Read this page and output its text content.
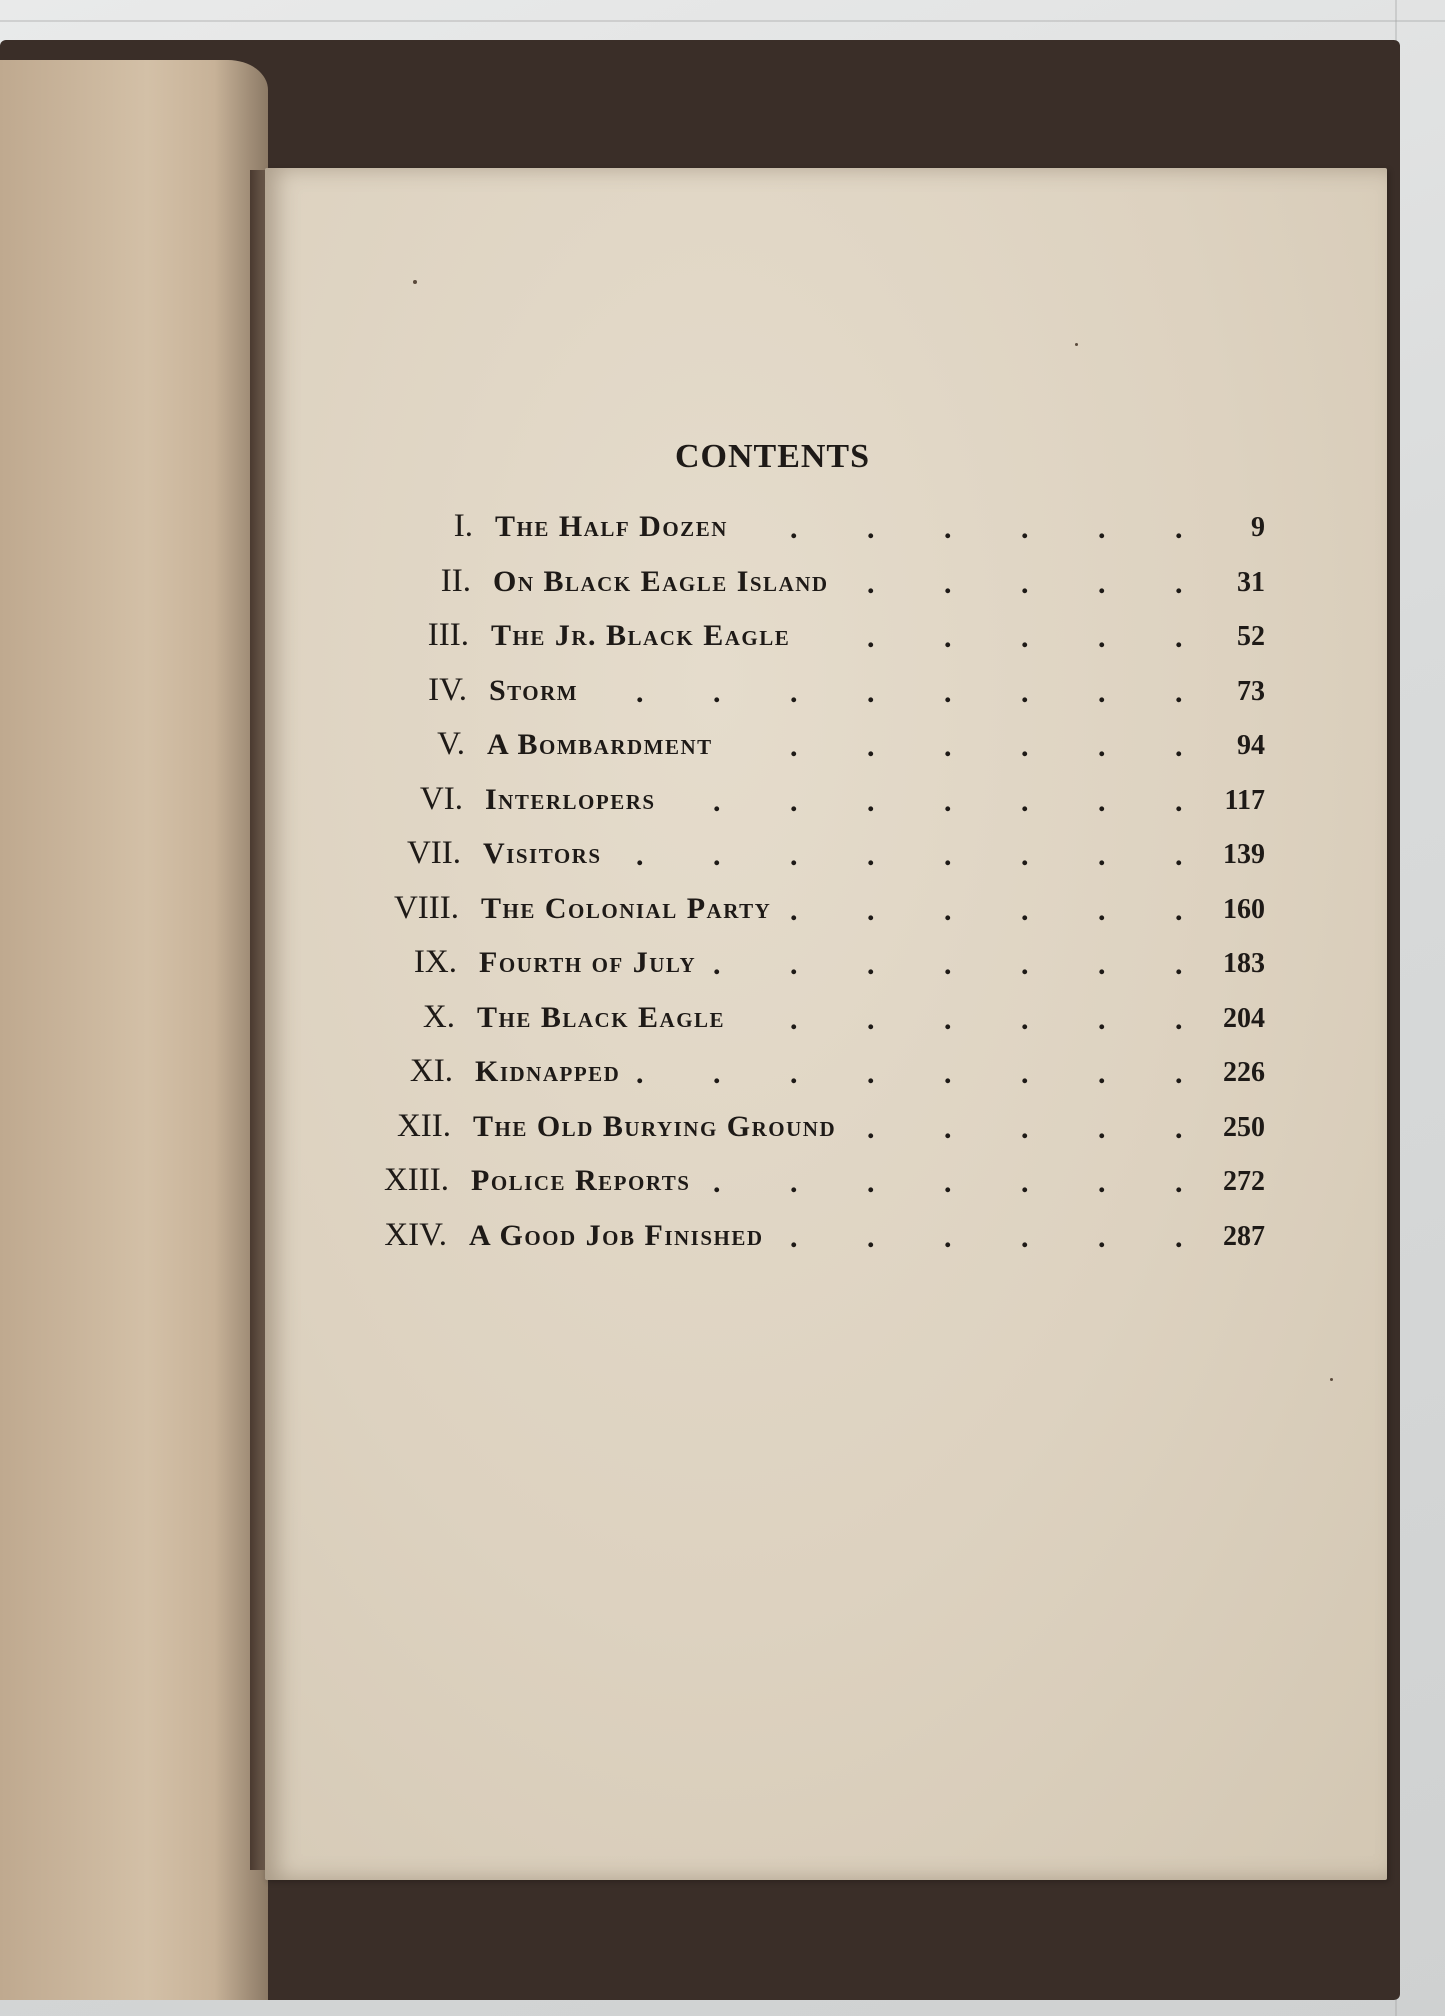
CONTENTS
I. The Half Dozen	9
.
.
.
.
.
.
II. On Black Eagle Island	31
.
.
.
.
.
III. The Jr. Black Eagle	52
.
.
.
.
.
IV. Storm	73
.
.
.
.
.
.
.
.
V. A Bombardment	94
.
.
.
.
.
.
VI. Interlopers	117
.
.
.
.
.
.
.
VII. Visitors	139
.
.
.
.
.
.
.
.
VIII. The Colonial Party	160
.
.
.
.
.
.
IX. Fourth of July	183
.
.
.
.
.
.
.
X. The Black Eagle	204
.
.
.
.
.
.
XI. Kidnapped	226
.
.
.
.
.
.
.
.
XII. The Old Burying Ground	250
.
.
.
.
.
XIII. Police Reports	272
.
.
.
.
.
.
.
XIV. A Good Job Finished	287
.
.
.
.
.
.
